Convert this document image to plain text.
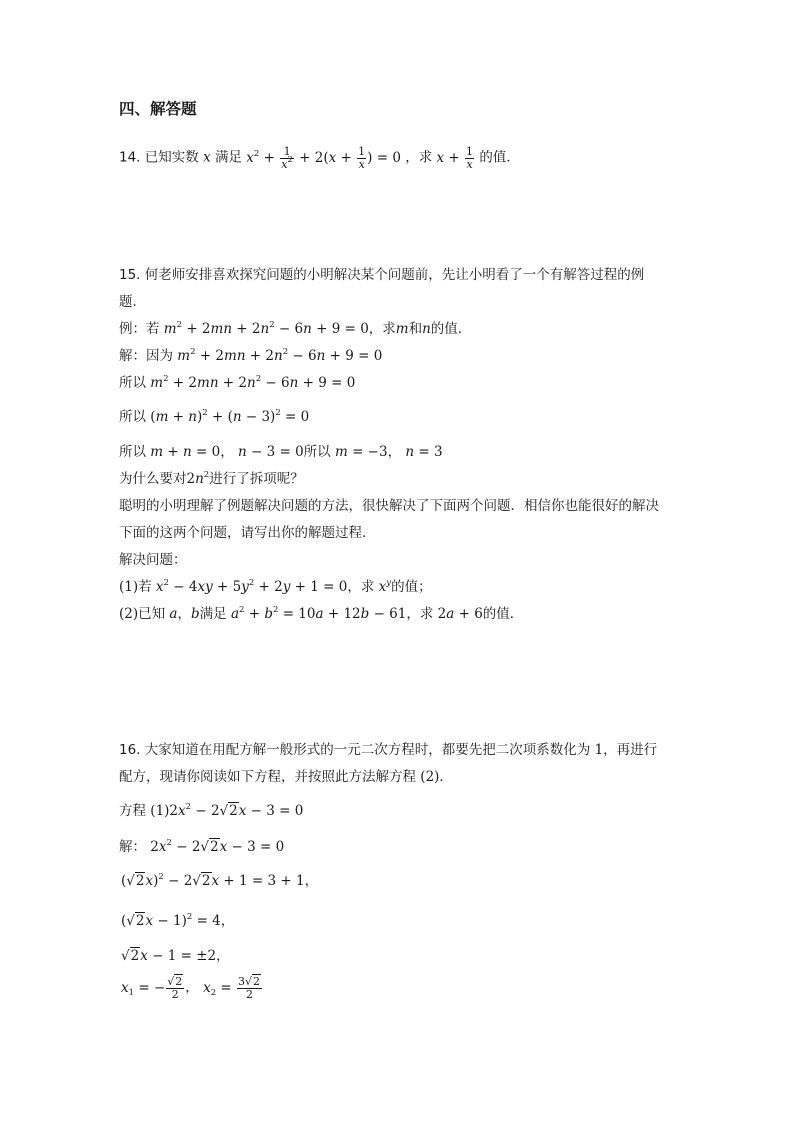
四、解答题
14. 已知实数 x 满足 $x^2 + \frac{1}{x^2} + 2(x + \frac{1}{x}$ ) = 0 ，求 $x + \frac{1}{x}$ 的值．
15. 何老师安排喜欢探究问题的小明解决某个问题前，先让小明看了一个有解答过程的例
题．
例：若 $m^2 + 2mn + 2n^2 - 6n + 9 = 0$，求m和n的值．
解：因为 $m^2 + 2mn + 2n^2 - 6n + 9 = 0$
所以 $m^2 + 2mn + 2n^2 - 6n + 9 = 0$
所以 $(m + n)^2 + (n - 3)^2 = 0$
所以 m + n = 0， n − 3 = 0所以 m = −3， n = 3
为什么要对$2n^2$进行了拆项呢？
聪明的小明理解了例题解决问题的方法，很快解决了下面两个问题．相信你也能很好的解决
下面的这两个问题，请写出你的解题过程．
解决问题：
(1)若 $x^2 - 4xy + 5y^2 + 2y + 1 = 0$，求 $x^y$的值；
(2)已知 a，b满足 $a^2 + b^2 = 10a + 12b - 61$，求 2a + 6的值．
16. 大家知道在用配方解一般形式的一元二次方程时，都要先把二次项系数化为 1，再进行
配方，现请你阅读如下方程，并按照此方法解方程 (2)．
方程 $(1)2x^2 - 2√2x - 3 = 0$
解： $2x^2 - 2√2x - 3 = 0$
$(√2x)^2 - 2√2x + 1 = 3 + 1$，
$(√2x - 1)^2 = 4$，
√2x − 1 = ±2，
$x_1$ = − $\frac{√2}{2}$ ， $x_2 = \frac{3√2}{2}$
